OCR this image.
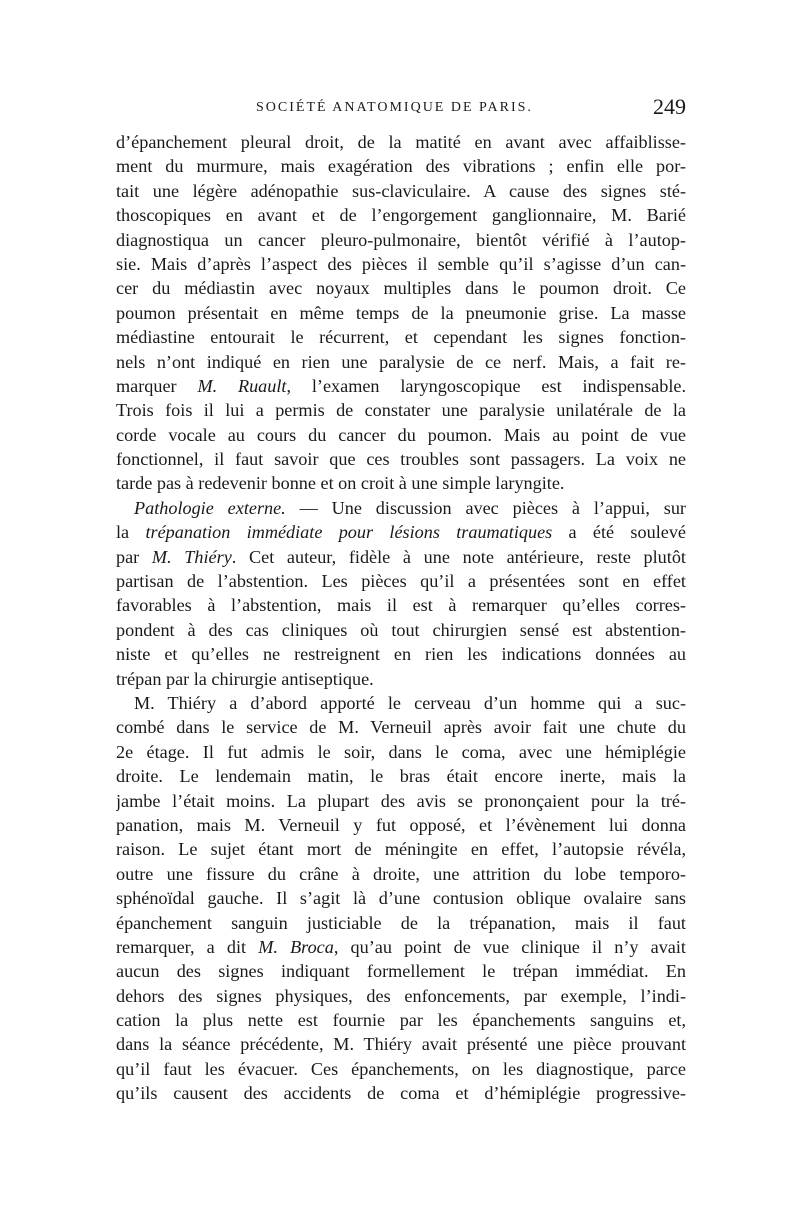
SOCIÉTÉ ANATOMIQUE DE PARIS.	249
d’épanchement pleural droit, de la matité en avant avec affaiblisse-
ment du murmure, mais exagération des vibrations ; enfin elle por-
tait une légère adénopathie sus-claviculaire. A cause des signes sté-
thoscopiques en avant et de l’engorgement ganglionnaire, M. Barié
diagnostiqua un cancer pleuro-pulmonaire, bientôt vérifié à l’autop-
sie. Mais d’après l’aspect des pièces il semble qu’il s’agisse d’un can-
cer du médiastin avec noyaux multiples dans le poumon droit. Ce
poumon présentait en même temps de la pneumonie grise. La masse
médiastine entourait le récurrent, et cependant les signes fonction-
nels n’ont indiqué en rien une paralysie de ce nerf. Mais, a fait re-
marquer M. Ruault, l’examen laryngoscopique est indispensable.
Trois fois il lui a permis de constater une paralysie unilatérale de la
corde vocale au cours du cancer du poumon. Mais au point de vue
fonctionnel, il faut savoir que ces troubles sont passagers. La voix ne
tarde pas à redevenir bonne et on croit à une simple laryngite.
Pathologie externe. — Une discussion avec pièces à l’appui, sur
la trépanation immédiate pour lésions traumatiques a été soulevé
par M. Thiéry. Cet auteur, fidèle à une note antérieure, reste plutôt
partisan de l’abstention. Les pièces qu’il a présentées sont en effet
favorables à l’abstention, mais il est à remarquer qu’elles corres-
pondent à des cas cliniques où tout chirurgien sensé est abstention-
niste et qu’elles ne restreignent en rien les indications données au
trépan par la chirurgie antiseptique.
M. Thiéry a d’abord apporté le cerveau d’un homme qui a suc-
combé dans le service de M. Verneuil après avoir fait une chute du
2e étage. Il fut admis le soir, dans le coma, avec une hémiplégie
droite. Le lendemain matin, le bras était encore inerte, mais la
jambe l’était moins. La plupart des avis se prononçaient pour la tré-
panation, mais M. Verneuil y fut opposé, et l’évènement lui donna
raison. Le sujet étant mort de méningite en effet, l’autopsie révéla,
outre une fissure du crâne à droite, une attrition du lobe temporo-
sphénoïdal gauche. Il s’agit là d’une contusion oblique ovalaire sans
épanchement sanguin justiciable de la trépanation, mais il faut
remarquer, a dit M. Broca, qu’au point de vue clinique il n’y avait
aucun des signes indiquant formellement le trépan immédiat. En
dehors des signes physiques, des enfoncements, par exemple, l’indi-
cation la plus nette est fournie par les épanchements sanguins et,
dans la séance précédente, M. Thiéry avait présenté une pièce prouvant
qu’il faut les évacuer. Ces épanchements, on les diagnostique, parce
qu’ils causent des accidents de coma et d’hémiplégie progressive-
